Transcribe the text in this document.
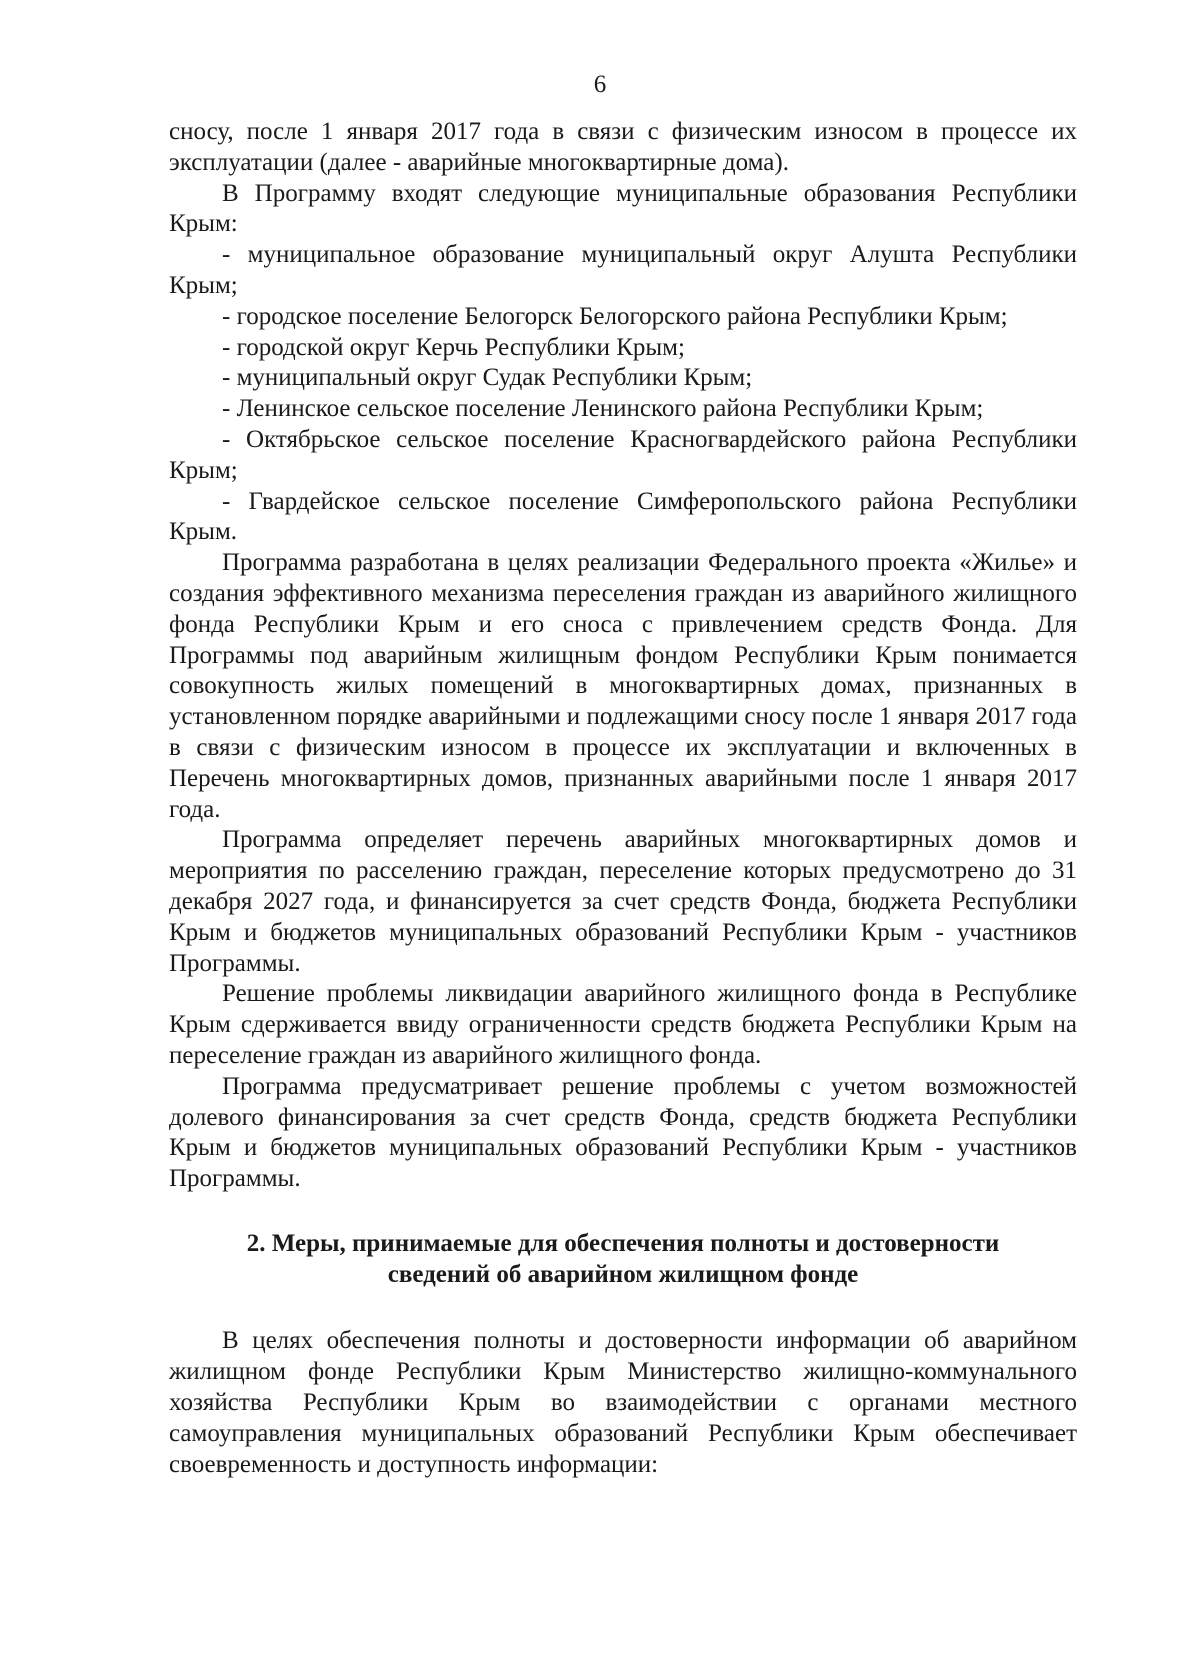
6

сносу, после 1 января 2017 года в связи с физическим износом в процессе их эксплуатации (далее - аварийные многоквартирные дома).

В Программу входят следующие муниципальные образования Республики Крым:

- муниципальное образование муниципальный округ Алушта Республики Крым;

- городское поселение Белогорск Белогорского района Республики Крым;

- городской округ Керчь Республики Крым;

- муниципальный округ Судак Республики Крым;

- Ленинское сельское поселение Ленинского района Республики Крым;

- Октябрьское сельское поселение Красногвардейского района Республики Крым;

- Гвардейское сельское поселение Симферопольского района Республики Крым.

Программа разработана в целях реализации Федерального проекта «Жилье» и создания эффективного механизма переселения граждан из аварийного жилищного фонда Республики Крым и его сноса с привлечением средств Фонда. Для Программы под аварийным жилищным фондом Республики Крым понимается совокупность жилых помещений в многоквартирных домах, признанных в установленном порядке аварийными и подлежащими сносу после 1 января 2017 года в связи с физическим износом в процессе их эксплуатации и включенных в Перечень многоквартирных домов, признанных аварийными после 1 января 2017 года.

Программа определяет перечень аварийных многоквартирных домов и мероприятия по расселению граждан, переселение которых предусмотрено до 31 декабря 2027 года, и финансируется за счет средств Фонда, бюджета Республики Крым и бюджетов муниципальных образований Республики Крым - участников Программы.

Решение проблемы ликвидации аварийного жилищного фонда в Республике Крым сдерживается ввиду ограниченности средств бюджета Республики Крым на переселение граждан из аварийного жилищного фонда.

Программа предусматривает решение проблемы с учетом возможностей долевого финансирования за счет средств Фонда, средств бюджета Республики Крым и бюджетов муниципальных образований Республики Крым - участников Программы.

2. Меры, принимаемые для обеспечения полноты и достоверности

сведений об аварийном жилищном фонде

В целях обеспечения полноты и достоверности информации об аварийном жилищном фонде Республики Крым Министерство жилищно-коммунального хозяйства Республики Крым во взаимодействии с органами местного самоуправления муниципальных образований Республики Крым обеспечивает своевременность и доступность информации:
